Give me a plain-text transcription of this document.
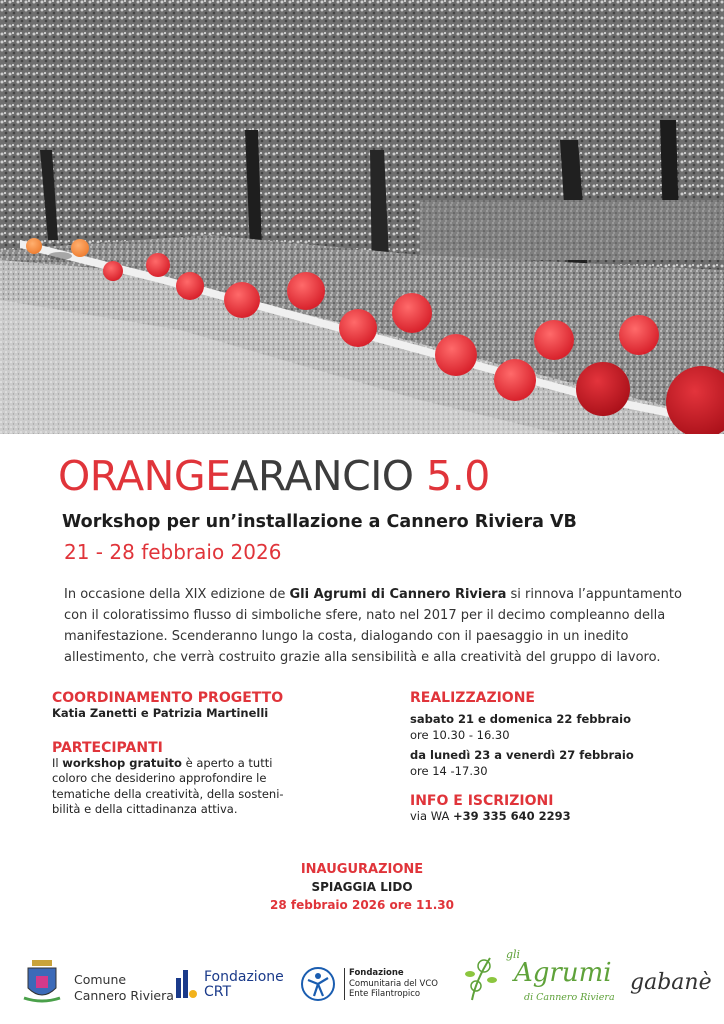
ORANGEARANCIO 5.0
Workshop per un’installazione a Cannero Riviera VB
21 - 28 febbraio 2026
In occasione della XIX edizione de Gli Agrumi di Cannero Riviera si rinnova l’appuntamento con il coloratissimo flusso di simboliche sfere, nato nel 2017 per il decimo compleanno della manifestazione. Scenderanno lungo la costa, dialogando con il paesaggio in un inedito allestimento, che verrà costruito grazie alla sensibilità e alla creatività del gruppo di lavoro.
COORDINAMENTO PROGETTO
Katia Zanetti e Patrizia Martinelli
PARTECIPANTI
Il workshop gratuito è aperto a tutti
coloro che desiderino approfondire le
tematiche della creatività, della sosteni-
bilità e della cittadinanza attiva.
REALIZZAZIONE
sabato 21 e domenica 22 febbraio
ore 10.30 - 16.30
da lunedì 23 a venerdì 27 febbraio
ore 14 -17.30
INFO E ISCRIZIONI
via WA +39 335 640 2293
INAUGURAZIONE
SPIAGGIA LIDO
28 febbraio 2026 ore 11.30
Comune
Cannero Riviera
Fondazione
CRT
Fondazione
Comunitaria del VCO
Ente Filantropico
gli
Agrumi
di Cannero Riviera
gabanè
